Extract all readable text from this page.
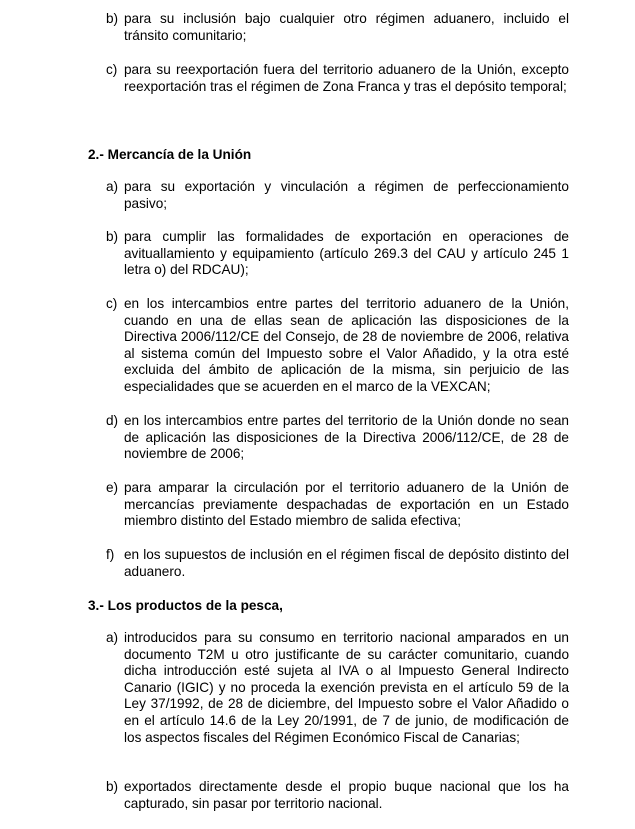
b) para su inclusión bajo cualquier otro régimen aduanero, incluido el tránsito comunitario;
c) para su reexportación fuera del territorio aduanero de la Unión, excepto reexportación tras el régimen de Zona Franca y tras el depósito temporal;
2.- Mercancía de la Unión
a) para su exportación y vinculación a régimen de perfeccionamiento pasivo;
b) para cumplir las formalidades de exportación en operaciones de avituallamiento y equipamiento (artículo 269.3 del CAU y artículo 245 1 letra o) del RDCAU);
c) en los intercambios entre partes del territorio aduanero de la Unión, cuando en una de ellas sean de aplicación las disposiciones de la Directiva 2006/112/CE del Consejo, de 28 de noviembre de 2006, relativa al sistema común del Impuesto sobre el Valor Añadido, y la otra esté excluida del ámbito de aplicación de la misma, sin perjuicio de las especialidades que se acuerden en el marco de la VEXCAN;
d) en los intercambios entre partes del territorio de la Unión donde no sean de aplicación las disposiciones de la Directiva 2006/112/CE, de 28 de noviembre de 2006;
e) para amparar la circulación por el territorio aduanero de la Unión de mercancías previamente despachadas de exportación en un Estado miembro distinto del Estado miembro de salida efectiva;
f) en los supuestos de inclusión en el régimen fiscal de depósito distinto del aduanero.
3.- Los productos de la pesca,
a) introducidos para su consumo en territorio nacional amparados en un documento T2M u otro justificante de su carácter comunitario, cuando dicha introducción esté sujeta al IVA o al Impuesto General Indirecto Canario (IGIC) y no proceda la exención prevista en el artículo 59 de la Ley 37/1992, de 28 de diciembre, del Impuesto sobre el Valor Añadido o en el artículo 14.6 de la Ley 20/1991, de 7 de junio, de modificación de los aspectos fiscales del Régimen Económico Fiscal de Canarias;
b) exportados directamente desde el propio buque nacional que los ha capturado, sin pasar por territorio nacional.
